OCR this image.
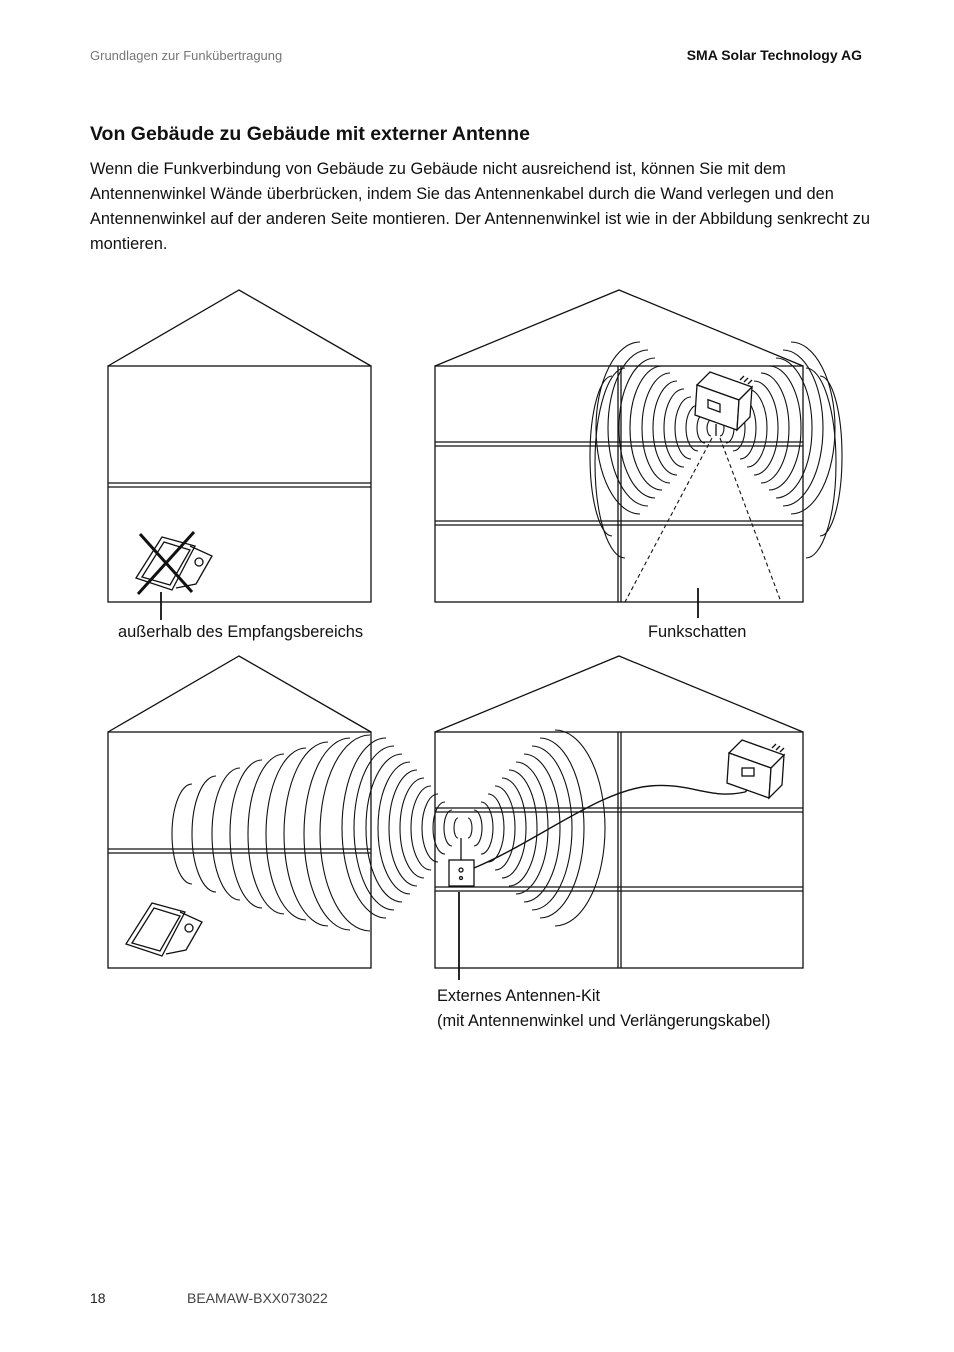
Grundlagen zur Funkübertragung	SMA Solar Technology AG
Von Gebäude zu Gebäude mit externer Antenne

Wenn die Funkverbindung von Gebäude zu Gebäude nicht ausreichend ist, können Sie mit dem Antennenwinkel Wände überbrücken, indem Sie das Antennenkabel durch die Wand verlegen und den Antennenwinkel auf der anderen Seite montieren. Der Antennenwinkel ist wie in der Abbildung senkrecht zu montieren.

außerhalb des Empfangsbereichs	Funkschatten
Externes Antennen-Kit
(mit Antennenwinkel und Verlängerungskabel)
18	BEAMAW-BXX073022
